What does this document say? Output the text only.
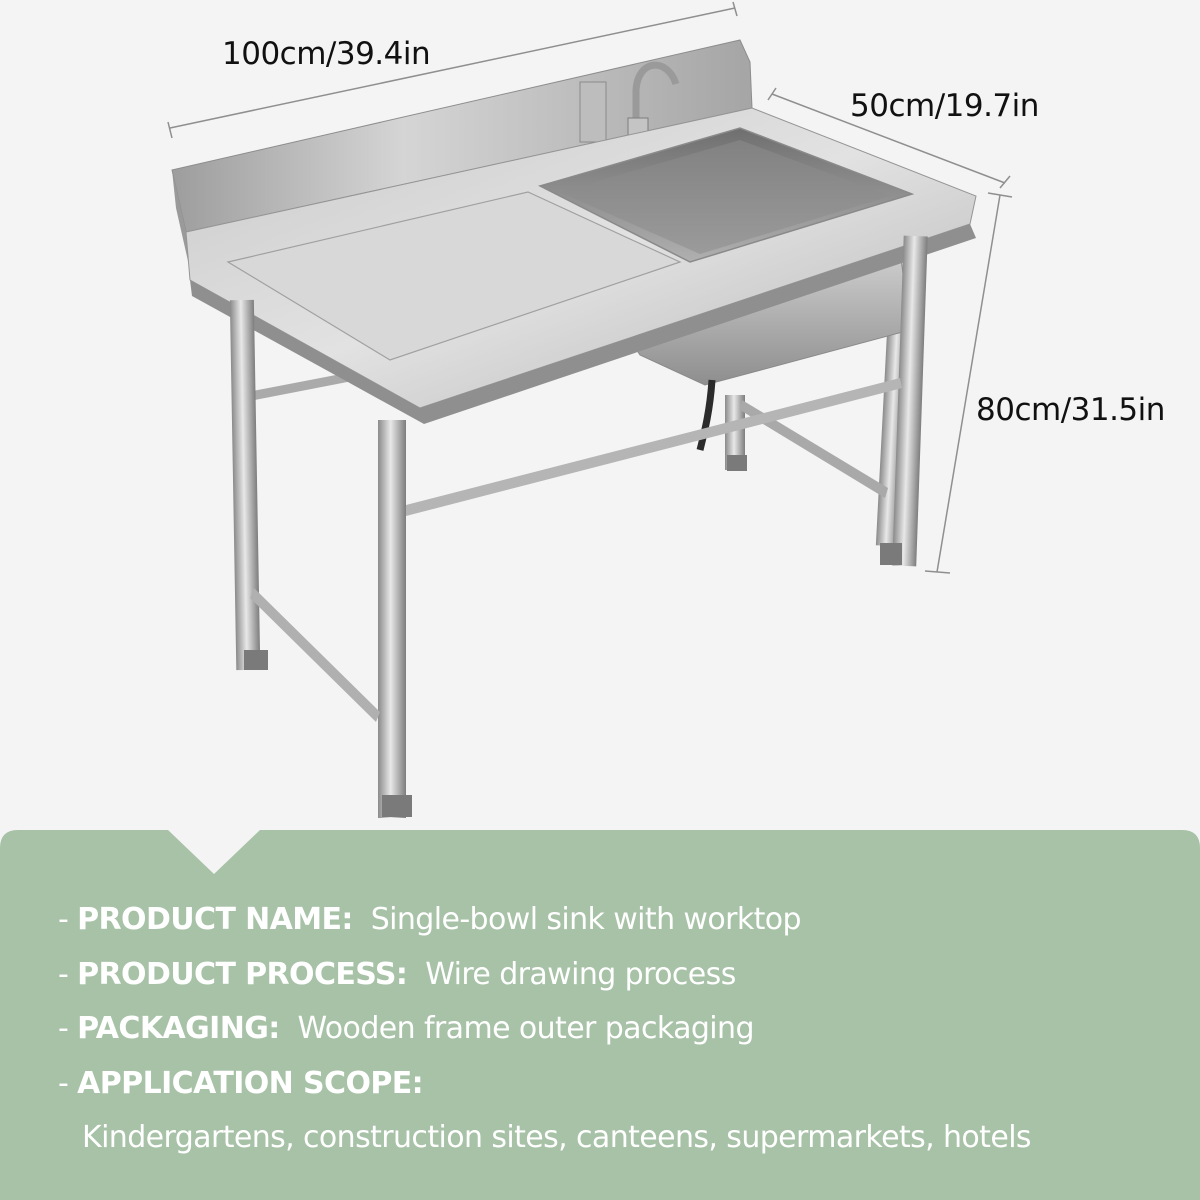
100cm/39.4in
50cm/19.7in
80cm/31.5in
- PRODUCT NAME: Single-bowl sink with worktop
- PRODUCT PROCESS: Wire drawing process
- PACKAGING: Wooden frame outer packaging
- APPLICATION SCOPE:
Kindergartens, construction sites, canteens, supermarkets, hotels
